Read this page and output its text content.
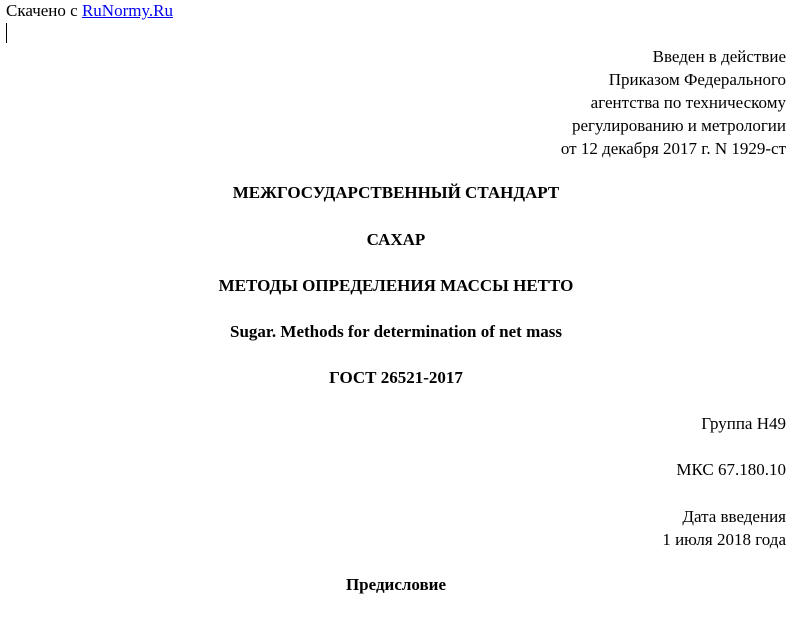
Скачено с RuNormy.Ru
Введен в действие
Приказом Федерального
агентства по техническому
регулированию и метрологии
от 12 декабря 2017 г. N 1929-ст
МЕЖГОСУДАРСТВЕННЫЙ СТАНДАРТ
САХАР
МЕТОДЫ ОПРЕДЕЛЕНИЯ МАССЫ НЕТТО
Sugar. Methods for determination of net mass
ГОСТ 26521-2017
Группа Н49
МКС 67.180.10
Дата введения
1 июля 2018 года
Предисловие
